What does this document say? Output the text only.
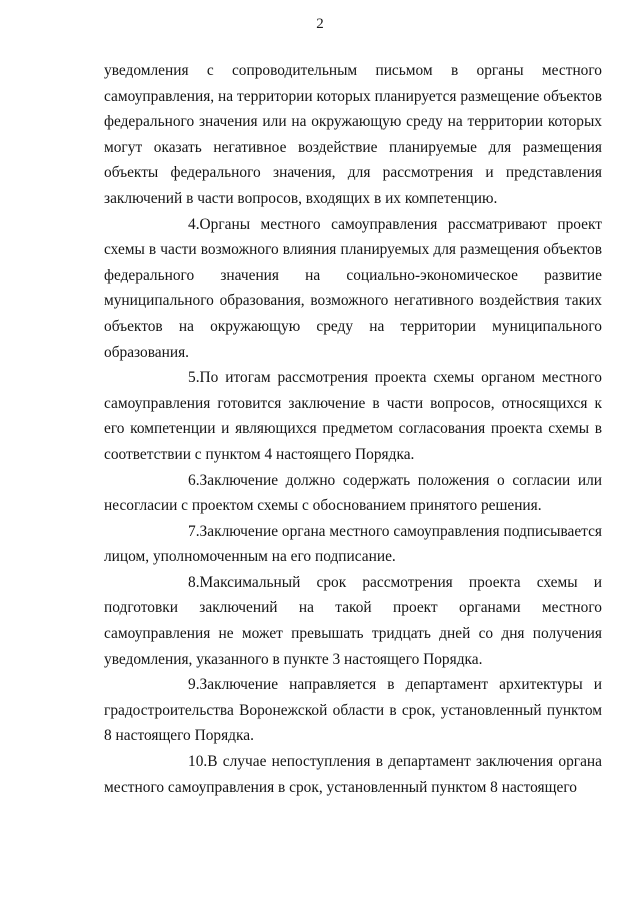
2

уведомления с сопроводительным письмом в органы местного самоуправления, на территории которых планируется размещение объектов федерального значения или на окружающую среду на территории которых могут оказать негативное воздействие планируемые для размещения объекты федерального значения, для рассмотрения и представления заключений в части вопросов, входящих в их компетенцию.

4.Органы местного самоуправления рассматривают проект схемы в части возможного влияния планируемых для размещения объектов федерального значения на социально-экономическое развитие муниципального образования, возможного негативного воздействия таких объектов на окружающую среду на территории муниципального образования.

5.По итогам рассмотрения проекта схемы органом местного самоуправления готовится заключение в части вопросов, относящихся к его компетенции и являющихся предметом согласования проекта схемы в соответствии с пунктом 4 настоящего Порядка.

6.Заключение должно содержать положения о согласии или несогласии с проектом схемы с обоснованием принятого решения.

7.Заключение органа местного самоуправления подписывается лицом, уполномоченным на его подписание.

8.Максимальный срок рассмотрения проекта схемы и подготовки заключений на такой проект органами местного самоуправления не может превышать тридцать дней со дня получения уведомления, указанного в пункте 3 настоящего Порядка.

9.Заключение направляется в департамент архитектуры и градостроительства Воронежской области в срок, установленный пунктом 8 настоящего Порядка.

10.В случае непоступления в департамент заключения органа местного самоуправления в срок, установленный пунктом 8 настоящего
